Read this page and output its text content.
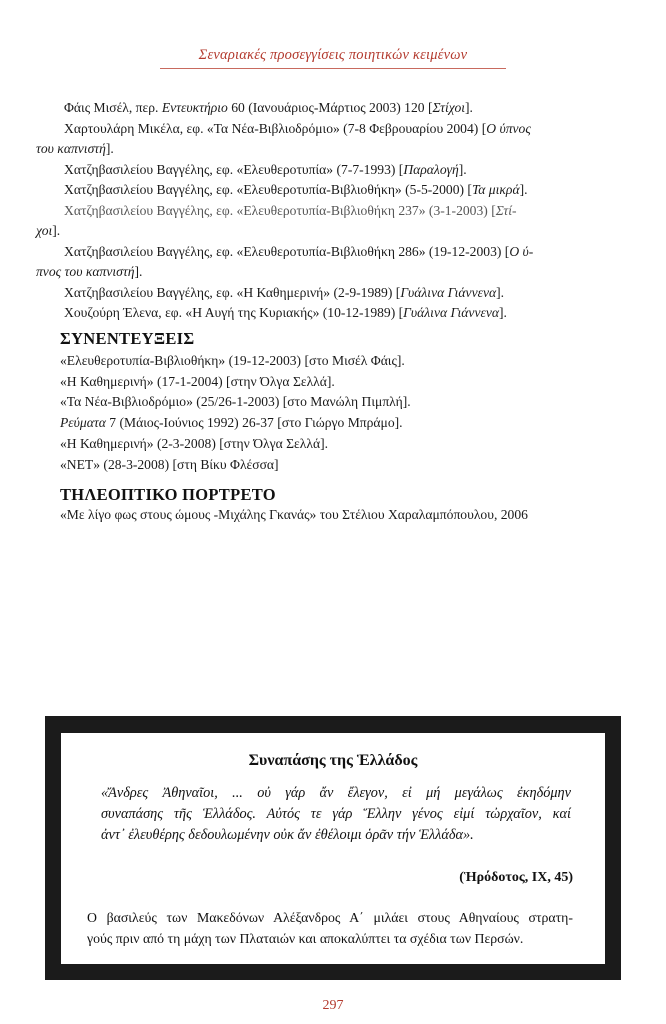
Σεναριακές προσεγγίσεις ποιητικών κειμένων
Φάις Μισέλ, περ. Εντευκτήριο 60 (Ιανουάριος-Μάρτιος 2003) 120 [Στίχοι].
Χαρτουλάρη Μικέλα, εφ. «Τα Νέα-Βιβλιοδρόμιο» (7-8 Φεβρουαρίου 2004) [Ο ύπνος
του καπνιστή].
Χατζηβασιλείου Βαγγέλης, εφ. «Ελευθεροτυπία» (7-7-1993) [Παραλογή].
Χατζηβασιλείου Βαγγέλης, εφ. «Ελευθεροτυπία-Βιβλιοθήκη» (5-5-2000) [Τα μικρά].
Χατζηβασιλείου Βαγγέλης, εφ. «Ελευθεροτυπία-Βιβλιοθήκη 237» (3-1-2003) [Στί-
χοι].
Χατζηβασιλείου Βαγγέλης, εφ. «Ελευθεροτυπία-Βιβλιοθήκη 286» (19-12-2003) [Ο ύ-
πνος του καπνιστή].
Χατζηβασιλείου Βαγγέλης, εφ. «Η Καθημερινή» (2-9-1989) [Γυάλινα Γιάννενα].
Χουζούρη Έλενα, εφ. «Η Αυγή της Κυριακής» (10-12-1989) [Γυάλινα Γιάννενα].
ΣΥΝΕΝΤΕΥΞΕΙΣ
«Ελευθεροτυπία-Βιβλιοθήκη» (19-12-2003) [στο Μισέλ Φάις].
«Η Καθημερινή» (17-1-2004) [στην Όλγα Σελλά].
«Τα Νέα-Βιβλιοδρόμιο» (25/26-1-2003) [στο Μανώλη Πιμπλή].
Ρεύματα 7 (Μάιος-Ιούνιος 1992) 26-37 [στο Γιώργο Μπράμο].
«Η Καθημερινή» (2-3-2008) [στην Όλγα Σελλά].
«ΝΕΤ» (28-3-2008) [στη Βίκυ Φλέσσα]
ΤΗΛΕΟΠΤΙΚΟ ΠΟΡΤΡΕΤΟ
«Με λίγο φως στους ώμους -Μιχάλης Γκανάς» του Στέλιου Χαραλαμπόπουλου, 2006
Συναπάσης της Ἑλλάδος
«Ἄνδρες Ἀθηναῖοι, ... οὐ γάρ ἄν ἔλεγον, εἰ μή μεγάλως ἐκηδόμην
συναπάσης τῆς Ἑλλάδος. Αὐτός τε γάρ Ἕλλην γένος εἰμί τὠρχαῖον, καί
ἀντ᾽ ἐλευθέρης δεδουλωμένην οὐκ ἄν ἐθέλοιμι ὁρᾶν τήν Ἑλλάδα».
(Ἡρόδοτος, ΙΧ, 45)
Ο βασιλεύς των Μακεδόνων Αλέξανδρος Α΄ μιλάει στους Αθηναίους στρατη-
γούς πριν από τη μάχη των Πλαταιών και αποκαλύπτει τα σχέδια των Περσών.
297
